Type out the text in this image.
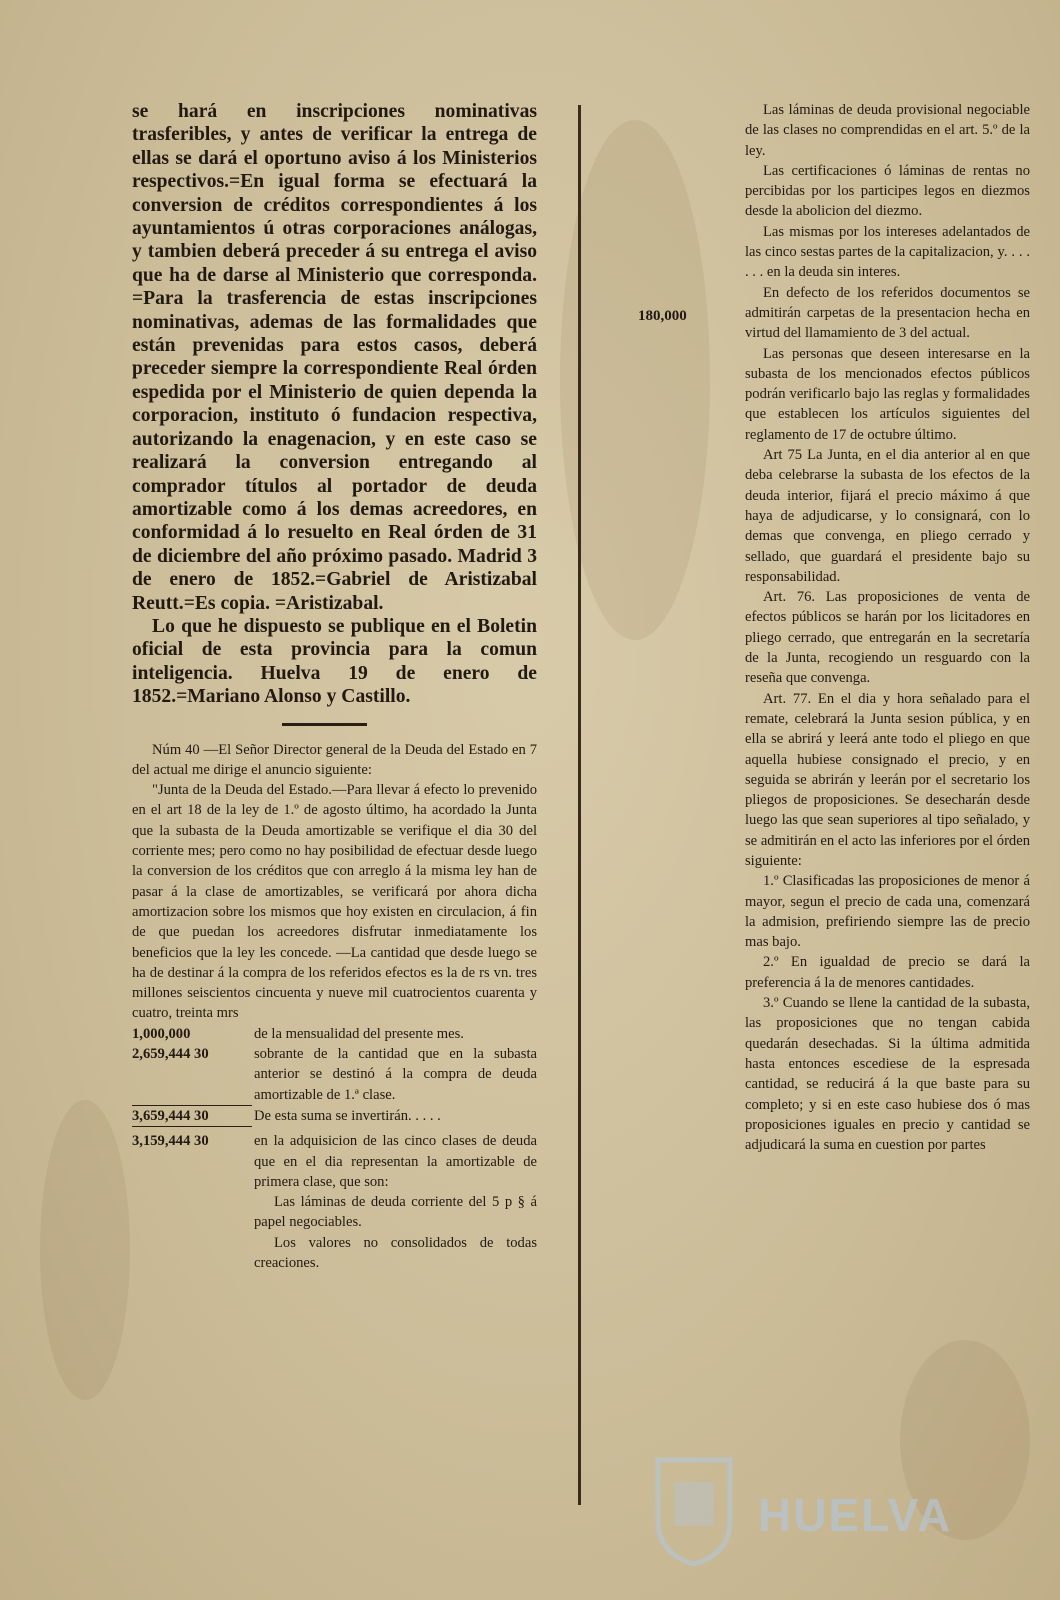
se hará en inscripciones nominativas trasferibles, y antes de verificar la entrega de ellas se dará el oportuno aviso á los Ministerios respectivos.=En igual forma se efectuará la conversion de créditos correspondientes á los ayuntamientos ú otras corporaciones análogas, y tambien deberá preceder á su entrega el aviso que ha de darse al Ministerio que corresponda. =Para la trasferencia de estas inscripciones nominativas, ademas de las formalidades que están prevenidas para estos casos, deberá preceder siempre la correspondiente Real órden espedida por el Ministerio de quien dependa la corporacion, instituto ó fundacion respectiva, autorizando la enagenacion, y en este caso se realizará la conversion entregando al comprador títulos al portador de deuda amortizable como á los demas acreedores, en conformidad á lo resuelto en Real órden de 31 de diciembre del año próximo pasado. Madrid 3 de enero de 1852.=Gabriel de Aristizabal Reutt.=Es copia. =Aristizabal.

Lo que he dispuesto se publique en el Boletin oficial de esta provincia para la comun inteligencia. Huelva 19 de enero de 1852.=Mariano Alonso y Castillo.

Núm 40 —El Señor Director general de la Deuda del Estado en 7 del actual me dirige el anuncio siguiente:

"Junta de la Deuda del Estado.—Para llevar á efecto lo prevenido en el art 18 de la ley de 1.º de agosto último, ha acordado la Junta que la subasta de la Deuda amortizable se verifique el dia 30 del corriente mes; pero como no hay posibilidad de efectuar desde luego la conversion de los créditos que con arreglo á la misma ley han de pasar á la clase de amortizables, se verificará por ahora dicha amortizacion sobre los mismos que hoy existen en circulacion, á fin de que puedan los acreedores disfrutar inmediatamente los beneficios que la ley les concede. —La cantidad que desde luego se ha de destinar á la compra de los referidos efectos es la de rs vn. tres millones seiscientos cincuenta y nueve mil cuatrocientos cuarenta y cuatro, treinta mrs

1,000,000	de la mensualidad del presente mes.
2,659,444 30	sobrante de la cantidad que en la subasta anterior se destinó á la compra de deuda amortizable de 1.ª clase.
3,659,444 30	De esta suma se invertirán. . . . .
3,159,444 30	en la adquisicion de las cinco clases de deuda que en el dia representan la amortizable de primera clase, que son:

Las láminas de deuda corriente del 5 p § á papel negociables.

Los valores no consolidados de todas creaciones.

180,000

Las láminas de deuda provisional negociable de las clases no comprendidas en el art. 5.º de la ley.

Las certificaciones ó láminas de rentas no percibidas por los participes legos en diezmos desde la abolicion del diezmo.

Las mismas por los intereses adelantados de las cinco sestas partes de la capitalizacion, y. . . . . . . en la deuda sin interes.

En defecto de los referidos documentos se admitirán carpetas de la presentacion hecha en virtud del llamamiento de 3 del actual.

Las personas que deseen interesarse en la subasta de los mencionados efectos públicos podrán verificarlo bajo las reglas y formalidades que establecen los artículos siguientes del reglamento de 17 de octubre último.

Art 75 La Junta, en el dia anterior al en que deba celebrarse la subasta de los efectos de la deuda interior, fijará el precio máximo á que haya de adjudicarse, y lo consignará, con lo demas que convenga, en pliego cerrado y sellado, que guardará el presidente bajo su responsabilidad.

Art. 76. Las proposiciones de venta de efectos públicos se harán por los licitadores en pliego cerrado, que entregarán en la secretaría de la Junta, recogiendo un resguardo con la reseña que convenga.

Art. 77. En el dia y hora señalado para el remate, celebrará la Junta sesion pública, y en ella se abrirá y leerá ante todo el pliego en que aquella hubiese consignado el precio, y en seguida se abrirán y leerán por el secretario los pliegos de proposiciones. Se desecharán desde luego las que sean superiores al tipo señalado, y se admitirán en el acto las inferiores por el órden siguiente:

1.º Clasificadas las proposiciones de menor á mayor, segun el precio de cada una, comenzará la admision, prefiriendo siempre las de precio mas bajo.

2.º En igualdad de precio se dará la preferencia á la de menores cantidades.

3.º Cuando se llene la cantidad de la subasta, las proposiciones que no tengan cabida quedarán desechadas. Si la última admitida hasta entonces escediese de la espresada cantidad, se reducirá á la que baste para su completo; y si en este caso hubiese dos ó mas proposiciones iguales en precio y cantidad se adjudicará la suma en cuestion por partes

HUELVA
